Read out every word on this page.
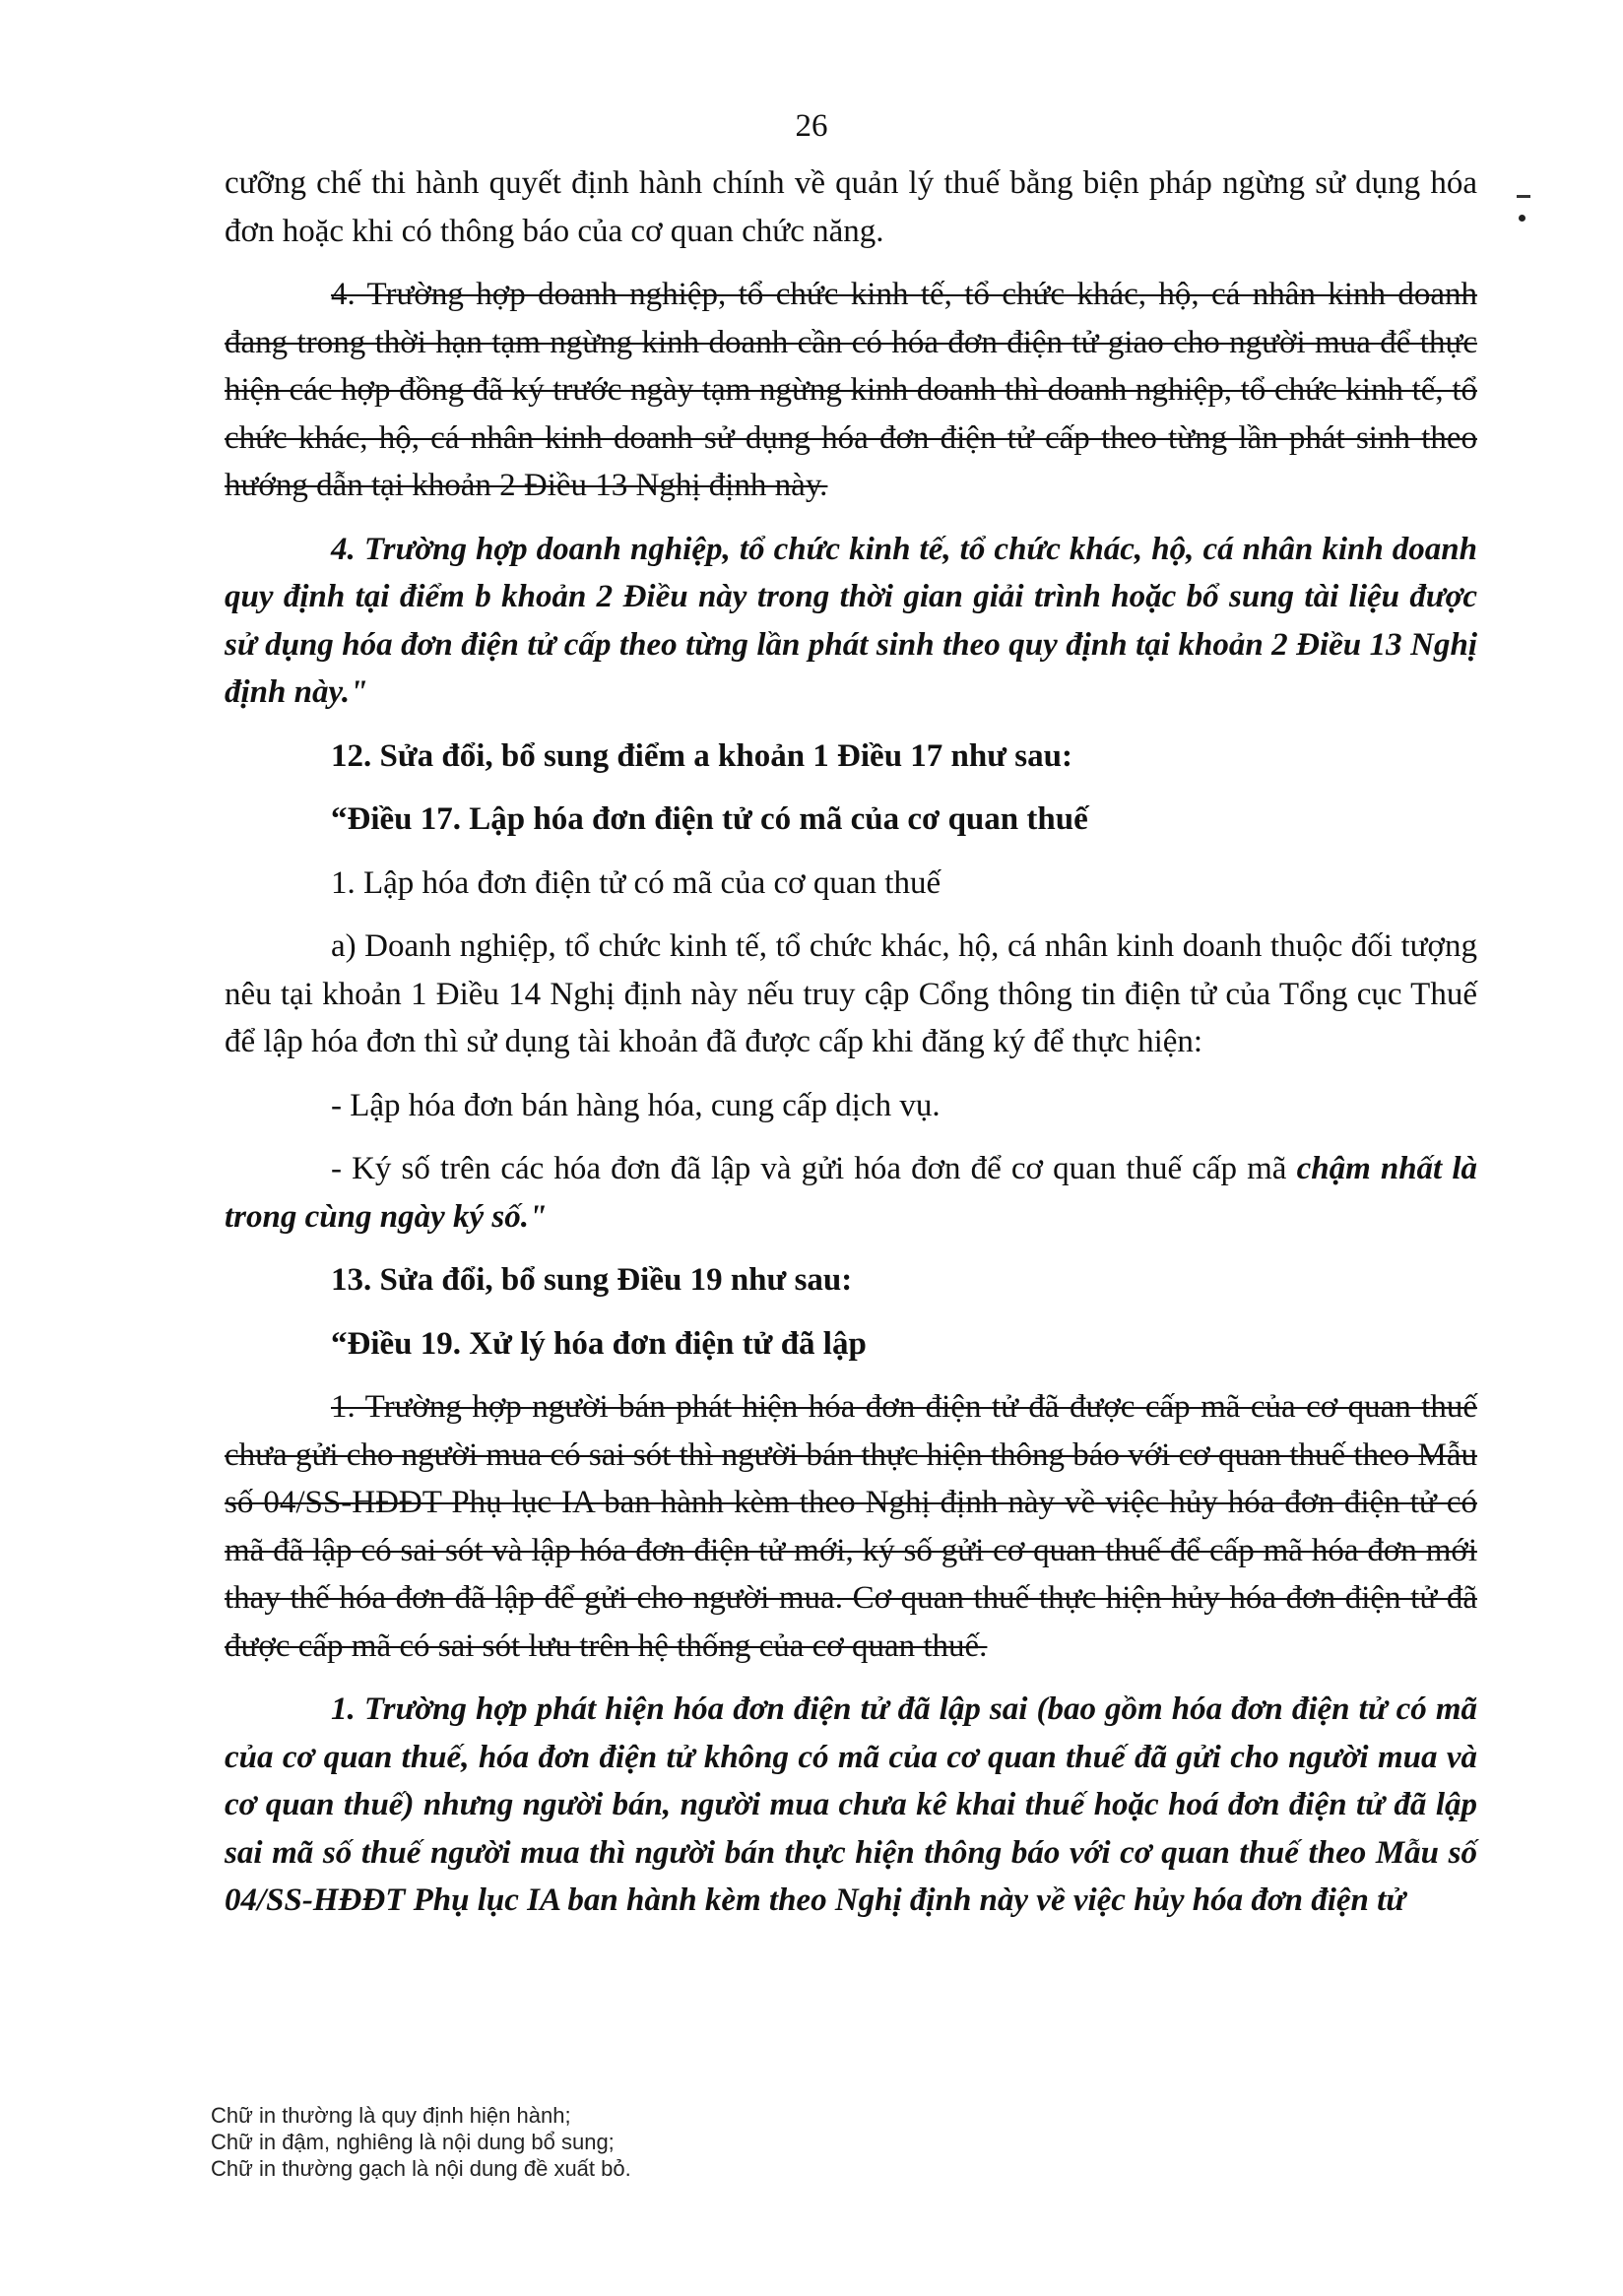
26

cưỡng chế thi hành quyết định hành chính về quản lý thuế bằng biện pháp ngừng sử dụng hóa đơn hoặc khi có thông báo của cơ quan chức năng.

4. Trường hợp doanh nghiệp, tổ chức kinh tế, tổ chức khác, hộ, cá nhân kinh doanh đang trong thời hạn tạm ngừng kinh doanh cần có hóa đơn điện tử giao cho người mua để thực hiện các hợp đồng đã ký trước ngày tạm ngừng kinh doanh thì doanh nghiệp, tổ chức kinh tế, tổ chức khác, hộ, cá nhân kinh doanh sử dụng hóa đơn điện tử cấp theo từng lần phát sinh theo hướng dẫn tại khoản 2 Điều 13 Nghị định này.

4. Trường hợp doanh nghiệp, tổ chức kinh tế, tổ chức khác, hộ, cá nhân kinh doanh quy định tại điểm b khoản 2 Điều này trong thời gian giải trình hoặc bổ sung tài liệu được sử dụng hóa đơn điện tử cấp theo từng lần phát sinh theo quy định tại khoản 2 Điều 13 Nghị định này."

12. Sửa đổi, bổ sung điểm a khoản 1 Điều 17 như sau:

“Điều 17. Lập hóa đơn điện tử có mã của cơ quan thuế

1. Lập hóa đơn điện tử có mã của cơ quan thuế

a) Doanh nghiệp, tổ chức kinh tế, tổ chức khác, hộ, cá nhân kinh doanh thuộc đối tượng nêu tại khoản 1 Điều 14 Nghị định này nếu truy cập Cổng thông tin điện tử của Tổng cục Thuế để lập hóa đơn thì sử dụng tài khoản đã được cấp khi đăng ký để thực hiện:

- Lập hóa đơn bán hàng hóa, cung cấp dịch vụ.

- Ký số trên các hóa đơn đã lập và gửi hóa đơn để cơ quan thuế cấp mã chậm nhất là trong cùng ngày ký số."

13. Sửa đổi, bổ sung Điều 19 như sau:

“Điều 19. Xử lý hóa đơn điện tử đã lập

1. Trường hợp người bán phát hiện hóa đơn điện tử đã được cấp mã của cơ quan thuế chưa gửi cho người mua có sai sót thì người bán thực hiện thông báo với cơ quan thuế theo Mẫu số 04/SS-HĐĐT Phụ lục IA ban hành kèm theo Nghị định này về việc hủy hóa đơn điện tử có mã đã lập có sai sót và lập hóa đơn điện tử mới, ký số gửi cơ quan thuế để cấp mã hóa đơn mới thay thế hóa đơn đã lập để gửi cho người mua. Cơ quan thuế thực hiện hủy hóa đơn điện tử đã được cấp mã có sai sót lưu trên hệ thống của cơ quan thuế.

1. Trường hợp phát hiện hóa đơn điện tử đã lập sai (bao gồm hóa đơn điện tử có mã của cơ quan thuế, hóa đơn điện tử không có mã của cơ quan thuế đã gửi cho người mua và cơ quan thuế) nhưng người bán, người mua chưa kê khai thuế hoặc hoá đơn điện tử đã lập sai mã số thuế người mua thì người bán thực hiện thông báo với cơ quan thuế theo Mẫu số 04/SS-HĐĐT Phụ lục IA ban hành kèm theo Nghị định này về việc hủy hóa đơn điện tử

Chữ in thường là quy định hiện hành;
Chữ in đậm, nghiêng là nội dung bổ sung;
Chữ in thường gạch là nội dung đề xuất bỏ.
